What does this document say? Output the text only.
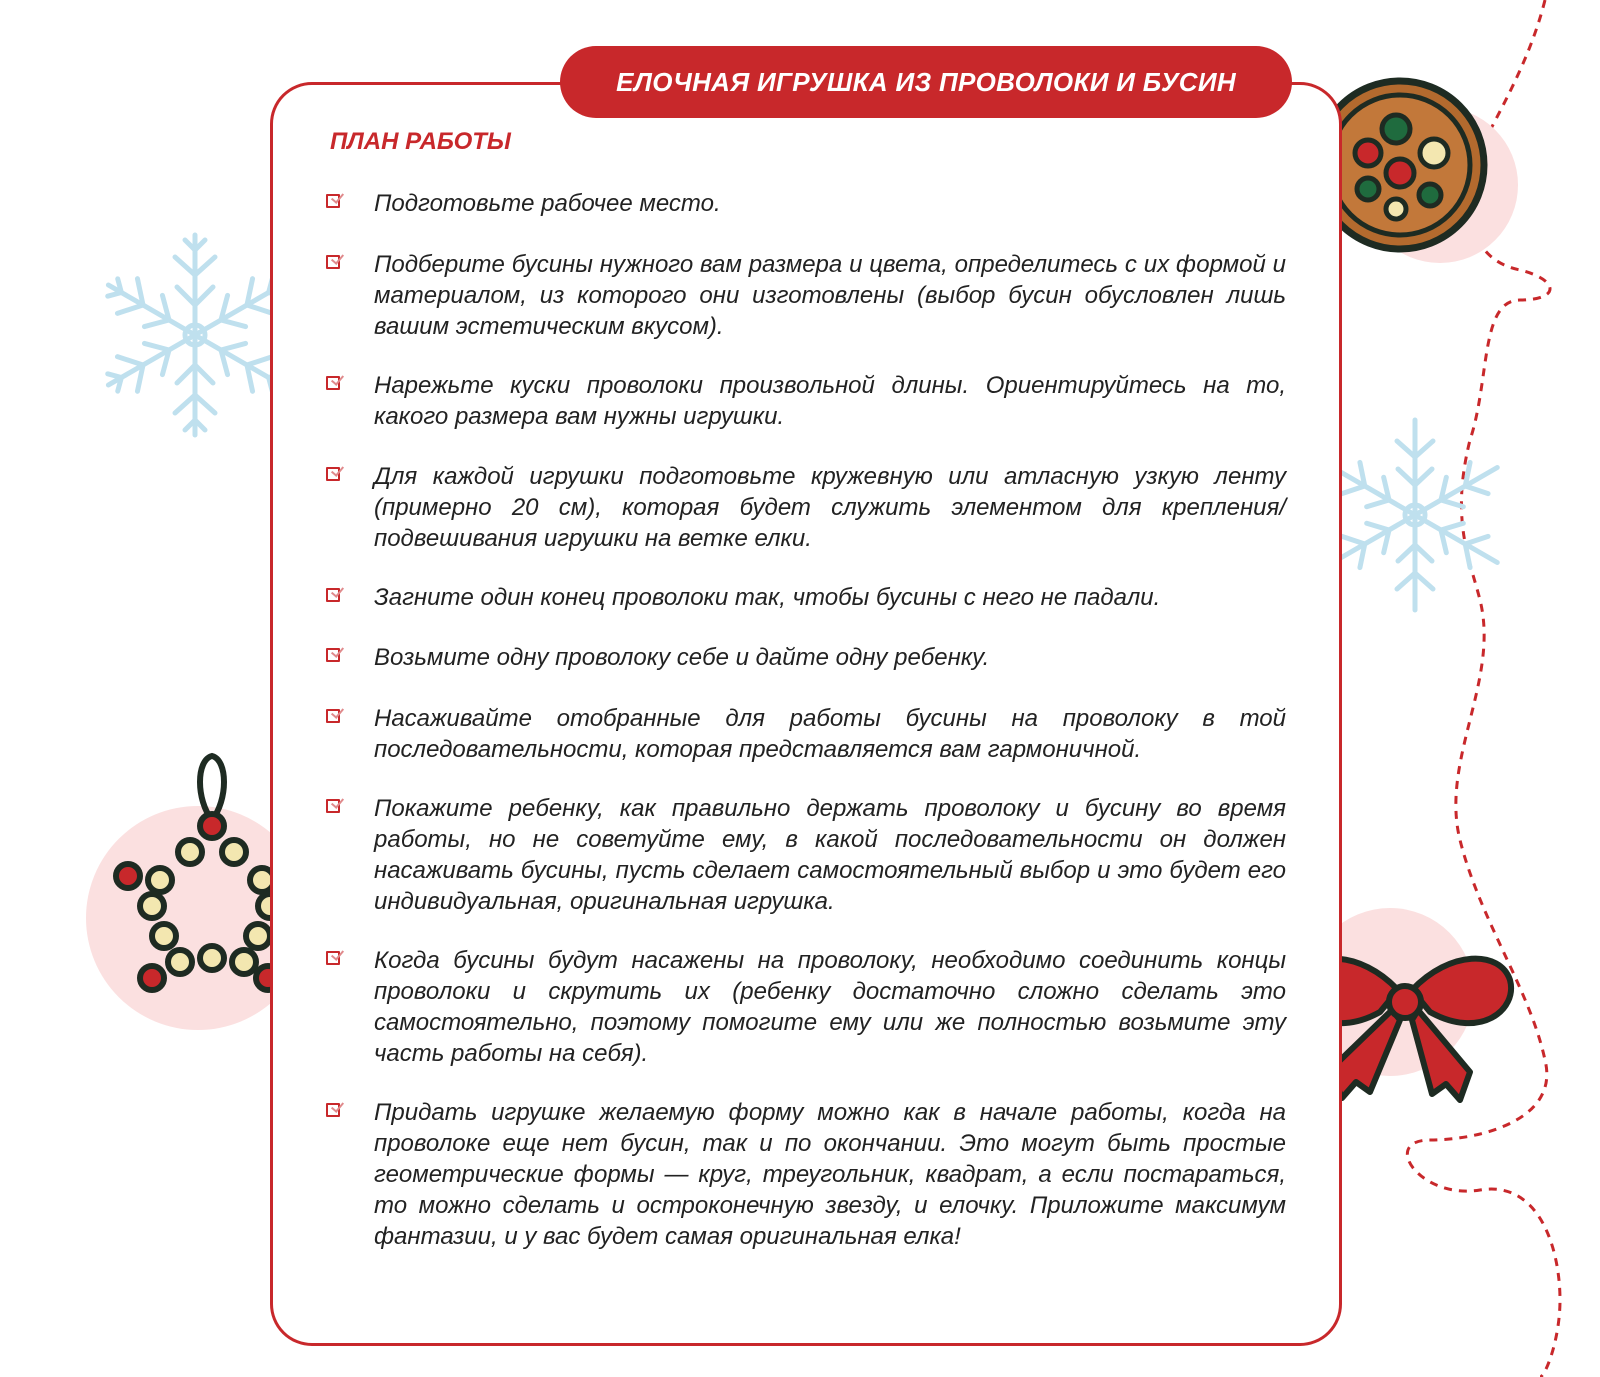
ЕЛОЧНАЯ ИГРУШКА ИЗ ПРОВОЛОКИ И БУСИН
ПЛАН РАБОТЫ
Подготовьте рабочее место.
Подберите бусины нужного вам размера и цвета, определитесь с их формой и материалом, из которого они изготовлены (выбор бусин обусловлен лишь вашим эстетическим вкусом).
Нарежьте куски проволоки произвольной длины. Ориентируйтесь на то, какого размера вам нужны игрушки.
Для каждой игрушки подготовьте кружевную или атласную узкую ленту (примерно 20 см), которая будет служить элементом для крепления/подвешивания игрушки на ветке елки.
Загните один конец проволоки так, чтобы бусины с него не падали.
Возьмите одну проволоку себе и дайте одну ребенку.
Насаживайте отобранные для работы бусины на проволоку в той последовательности, которая представляется вам гармоничной.
Покажите ребенку, как правильно держать проволоку и бусину во время работы, но не советуйте ему, в какой последовательности он должен насаживать бусины, пусть сделает самостоятельный выбор и это будет его индивидуальная, оригинальная игрушка.
Когда бусины будут насажены на проволоку, необходимо соединить концы проволоки и скрутить их (ребенку достаточно сложно сделать это самостоятельно, поэтому помогите ему или же полностью возьмите эту часть работы на себя).
Придать игрушке желаемую форму можно как в начале работы, когда на проволоке еще нет бусин, так и по окончании. Это могут быть простые геометрические формы — круг, треугольник, квадрат, а если постараться, то можно сделать и остроконечную звезду, и елочку. Приложите максимум фантазии, и у вас будет самая оригинальная елка!
